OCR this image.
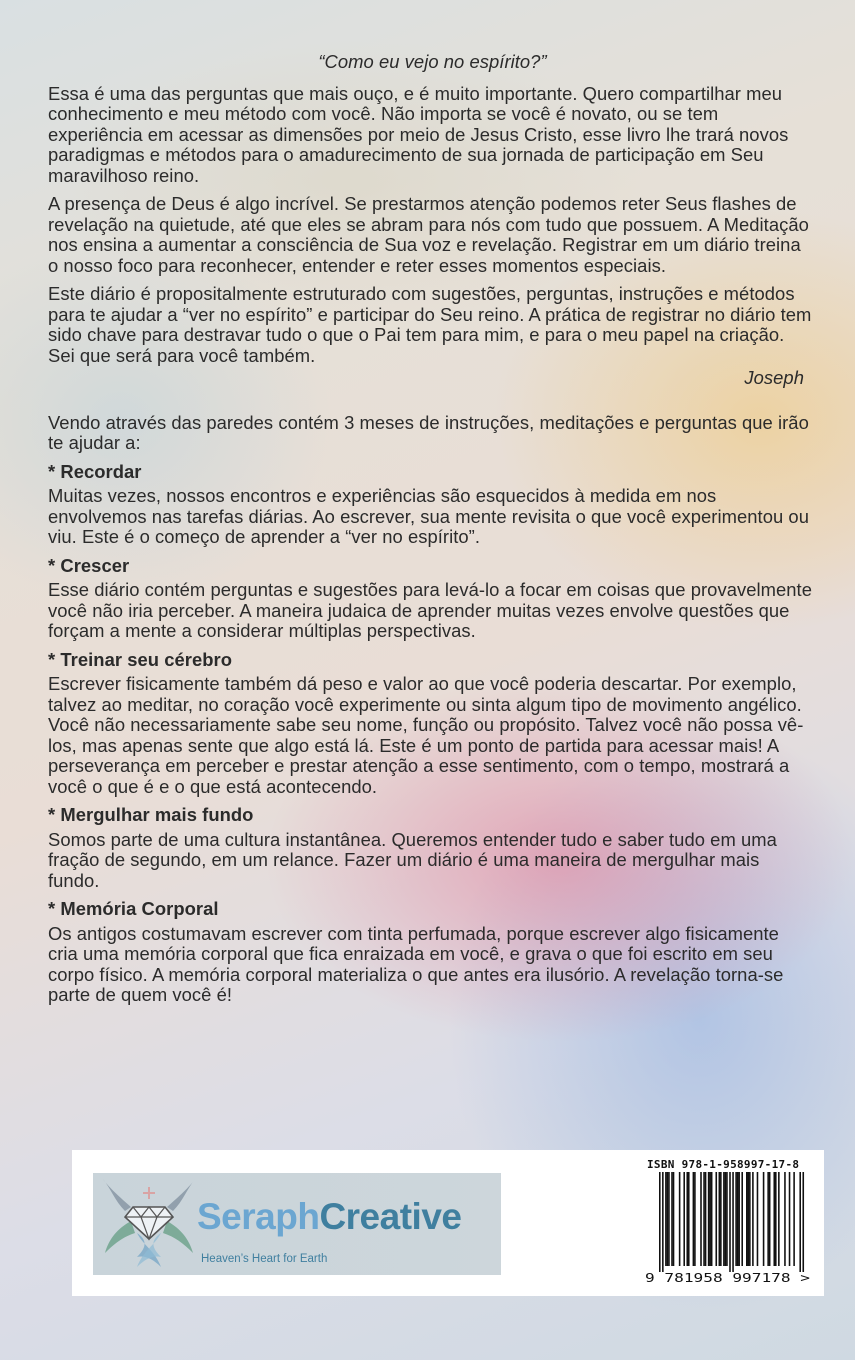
“Como eu vejo no espírito?”

Essa é uma das perguntas que mais ouço, e é muito importante. Quero compartilhar meu conhecimento e meu método com você. Não importa se você é novato, ou se tem experiência em acessar as dimensões por meio de Jesus Cristo, esse livro lhe trará novos paradigmas e métodos para o amadurecimento de sua jornada de participação em Seu maravilhoso reino.

A presença de Deus é algo incrível. Se prestarmos atenção podemos reter Seus flashes de revelação na quietude, até que eles se abram para nós com tudo que possuem. A Meditação nos ensina a aumentar a consciência de Sua voz e revelação. Registrar em um diário treina o nosso foco para reconhecer, entender e reter esses momentos especiais.

Este diário é propositalmente estruturado com sugestões, perguntas, instruções e métodos para te ajudar a “ver no espírito” e participar do Seu reino. A prática de registrar no diário tem sido chave para destravar tudo o que o Pai tem para mim, e para o meu papel na criação. Sei que será para você também.

Joseph

Vendo através das paredes contém 3 meses de instruções, meditações e perguntas que irão te ajudar a:

* Recordar

Muitas vezes, nossos encontros e experiências são esquecidos à medida em nos envolvemos nas tarefas diárias. Ao escrever, sua mente revisita o que você experimentou ou viu. Este é o começo de aprender a “ver no espírito”.

* Crescer

Esse diário contém perguntas e sugestões para levá-lo a focar em coisas que provavelmente você não iria perceber. A maneira judaica de aprender muitas vezes envolve questões que forçam a mente a considerar múltiplas perspectivas.

* Treinar seu cérebro

Escrever fisicamente também dá peso e valor ao que você poderia descartar. Por exemplo, talvez ao meditar, no coração você experimente ou sinta algum tipo de movimento angélico. Você não necessariamente sabe seu nome, função ou propósito. Talvez você não possa vê-los, mas apenas sente que algo está lá. Este é um ponto de partida para acessar mais! A perseverança em perceber e prestar atenção a esse sentimento, com o tempo, mostrará a você o que é e o que está acontecendo.

* Mergulhar mais fundo

Somos parte de uma cultura instantânea. Queremos entender tudo e saber tudo em uma fração de segundo, em um relance. Fazer um diário é uma maneira de mergulhar mais fundo.

* Memória Corporal

Os antigos costumavam escrever com tinta perfumada, porque escrever algo fisicamente cria uma memória corporal que fica enraizada em você, e grava o que foi escrito em seu corpo físico. A memória corporal materializa o que antes era ilusório. A revelação torna-se parte de quem você é!

SeraphCreative
Heaven’s Heart for Earth
ISBN 978-1-958997-17-8
9 781958 997178 >
